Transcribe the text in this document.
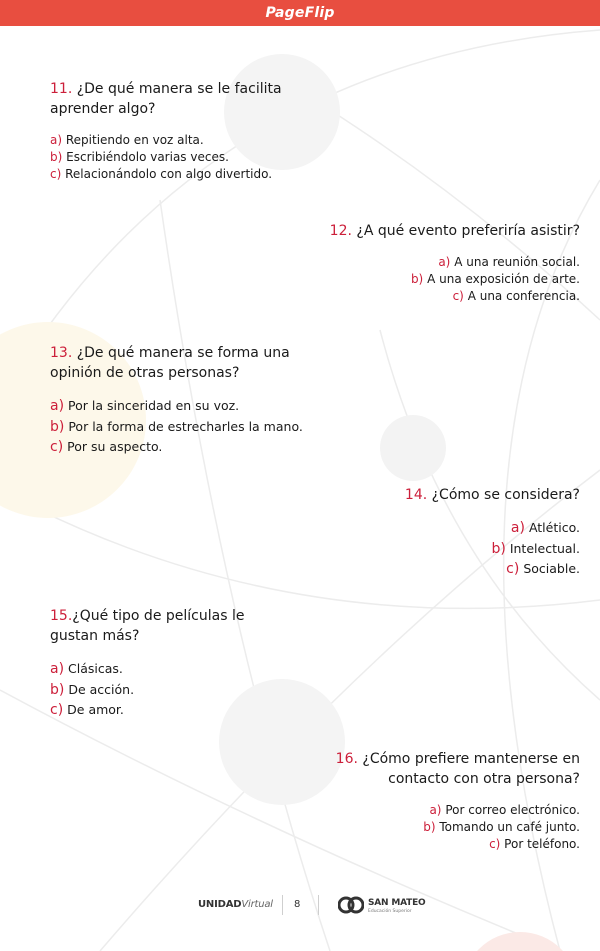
PageFlip
11. ¿De qué manera se le facilita
aprender algo?
a) Repitiendo en voz alta.
b) Escribiéndolo varias veces.
c) Relacionándolo con algo divertido.
12. ¿A qué evento preferiría asistir?
a) A una reunión social.
b) A una exposición de arte.
c) A una conferencia.
13. ¿De qué manera se forma una
opinión de otras personas?
a) Por la sinceridad en su voz.
b) Por la forma de estrecharles la mano.
c) Por su aspecto.
14. ¿Cómo se considera?
a) Atlético.
b) Intelectual.
c) Sociable.
15.¿Qué tipo de películas le
gustan más?
a) Clásicas.
b) De acción.
c) De amor.
16. ¿Cómo prefiere mantenerse en
contacto con otra persona?
a) Por correo electrónico.
b) Tomando un café junto.
c) Por teléfono.
UNIDADVirtual 8	SAN MATEO
Educación Superior
